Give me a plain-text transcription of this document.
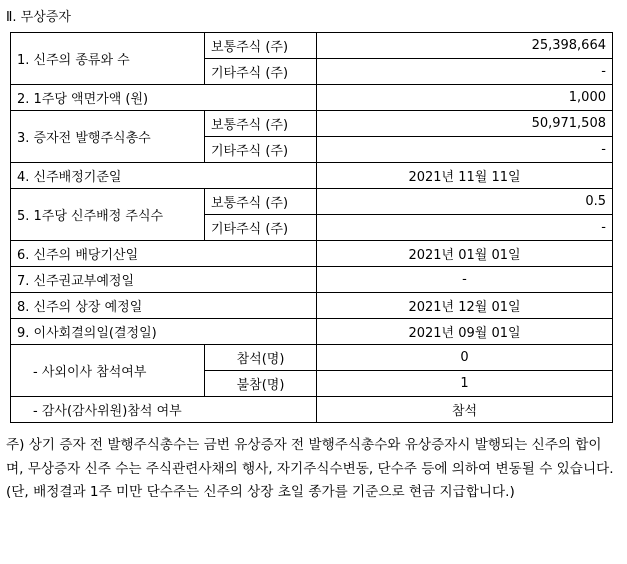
Ⅱ. 무상증자
1. 신주의 종류와 수	보통주식 (주)	25,398,664
	기타주식 (주)	-
2. 1주당 액면가액 (원)		1,000
3. 증자전 발행주식총수	보통주식 (주)	50,971,508
	기타주식 (주)	-
4. 신주배정기준일		2021년 11월 11일
5. 1주당 신주배정 주식수	보통주식 (주)	0.5
	기타주식 (주)	-
6. 신주의 배당기산일		2021년 01월 01일
7. 신주권교부예정일		-
8. 신주의 상장 예정일		2021년 12월 01일
9. 이사회결의일(결정일)		2021년 09월 01일
- 사외이사 참석여부	참석(명)	0
	불참(명)	1
- 감사(감사위원)참석 여부		참석
주) 상기 증자 전 발행주식총수는 금번 유상증자 전 발행주식총수와 유상증자시 발행되는 신주의 합이며, 무상증자 신주 수는 주식관련사채의 행사, 자기주식수변동, 단수주 등에 의하여 변동될 수 있습니다.
(단, 배정결과 1주 미만 단수주는 신주의 상장 초일 종가를 기준으로 현금 지급합니다.)
